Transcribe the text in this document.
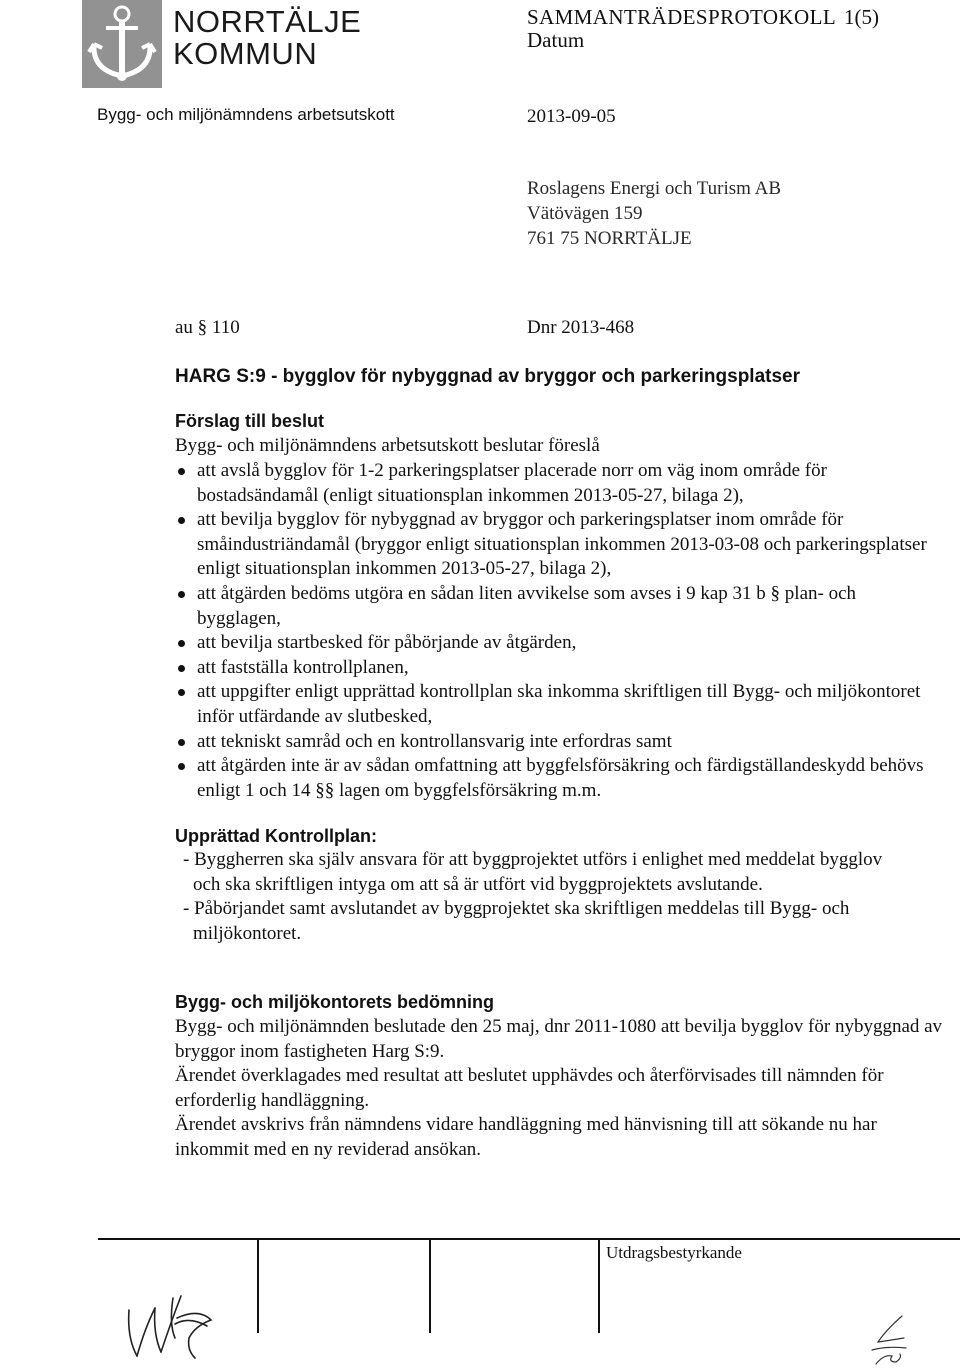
NORRTÄLJE
KOMMUN
SAMMANTRÄDESPROTOKOLL 1(5)
Datum
Bygg- och miljönämndens arbetsutskott	2013-09-05
Roslagens Energi och Turism AB
Vätövägen 159
761 75 NORRTÄLJE
au § 110	Dnr 2013-468
HARG S:9 - bygglov för nybyggnad av bryggor och parkeringsplatser
Förslag till beslut
Bygg- och miljönämndens arbetsutskott beslutar föreslå
att avslå bygglov för 1-2 parkeringsplatser placerade norr om väg inom område för bostadsändamål (enligt situationsplan inkommen 2013-05-27, bilaga 2),
att bevilja bygglov för nybyggnad av bryggor och parkeringsplatser inom område för småindustriändamål (bryggor enligt situationsplan inkommen 2013-03-08 och parkeringsplatser enligt situationsplan inkommen 2013-05-27, bilaga 2),
att åtgärden bedöms utgöra en sådan liten avvikelse som avses i 9 kap 31 b § plan- och bygglagen,
att bevilja startbesked för påbörjande av åtgärden,
att fastställa kontrollplanen,
att uppgifter enligt upprättad kontrollplan ska inkomma skriftligen till Bygg- och miljökontoret inför utfärdande av slutbesked,
att tekniskt samråd och en kontrollansvarig inte erfordras samt
att åtgärden inte är av sådan omfattning att byggfelsförsäkring och färdigställandeskydd behövs enligt 1 och 14 §§ lagen om byggfelsförsäkring m.m.
Upprättad Kontrollplan:
- Byggherren ska själv ansvara för att byggprojektet utförs i enlighet med meddelat bygglov
och ska skriftligen intyga om att så är utfört vid byggprojektets avslutande.
- Påbörjandet samt avslutandet av byggprojektet ska skriftligen meddelas till Bygg- och
miljökontoret.
Bygg- och miljökontorets bedömning

Bygg- och miljönämnden beslutade den 25 maj, dnr 2011-1080 att bevilja bygglov för nybyggnad av bryggor inom fastigheten Harg S:9.

Ärendet överklagades med resultat att beslutet upphävdes och återförvisades till nämnden för erforderlig handläggning.

Ärendet avskrivs från nämndens vidare handläggning med hänvisning till att sökande nu har inkommit med en ny reviderad ansökan.

Utdragsbestyrkande
